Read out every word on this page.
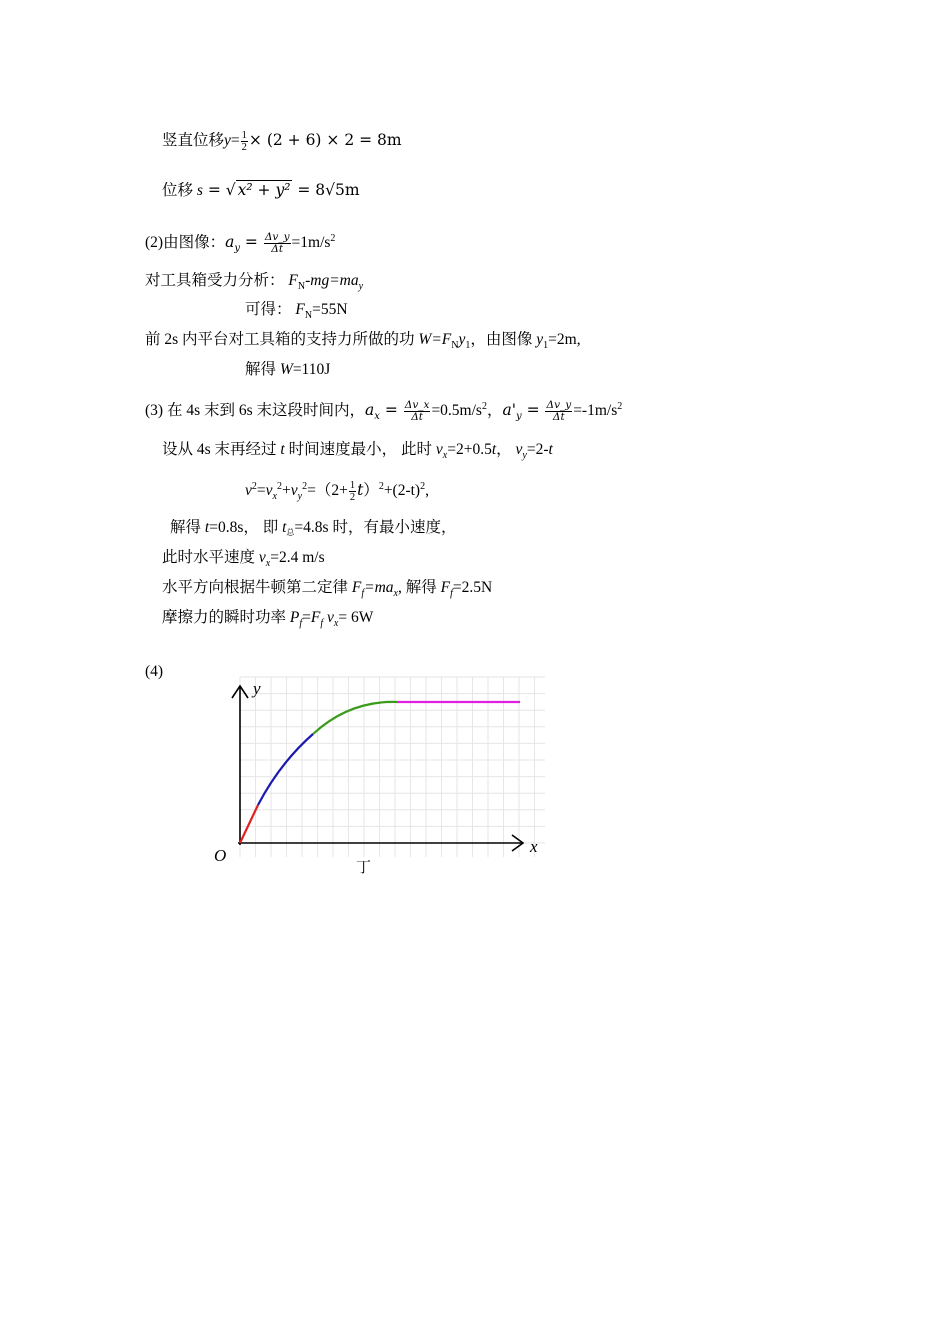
竖直位移$y= \frac{1}{2} \times (2 + 6) \times 2 = 8m$
位移 s = √ x² + y² = 8√5m
(2)由图像：$a_y = \frac{\Delta v\_y}{\Delta t} =1m/s^2$
对工具箱受力分析： $F_N-mg=ma_y$
可得： $F_N=55N$
前 2s 内平台对工具箱的支持力所做的功 $W=F_Ny_1$，由图像 $y_1=2m$,
解得 W=110J
(3) 在 4s 末到 6s 末这段时间内，$a_x = \frac{\Delta v\_x}{\Delta t} =0.5m/s^2$，$a'_y = \frac{\Delta v\_y}{\Delta t} =-1m/s^2$
设从 4s 末再经过 t 时间速度最小， 此时 $v_x=2+0.5t$， $v_y=2-t$
$v^2=v_x^2+v_y^2=(2+ \frac{1}{2} t)^2+(2-t)^2$,
解得 t=0.8s， 即 t总=4.8s 时，有最小速度，
此时水平速度 $v_x=2.4$ m/s
水平方向根据牛顿第二定律 $F_f=ma_x$, 解得 $F_f=2.5N$
摩擦力的瞬时功率 $P_f=F_f$ $v_x= 6W$
(4)
y
x
O
丁
